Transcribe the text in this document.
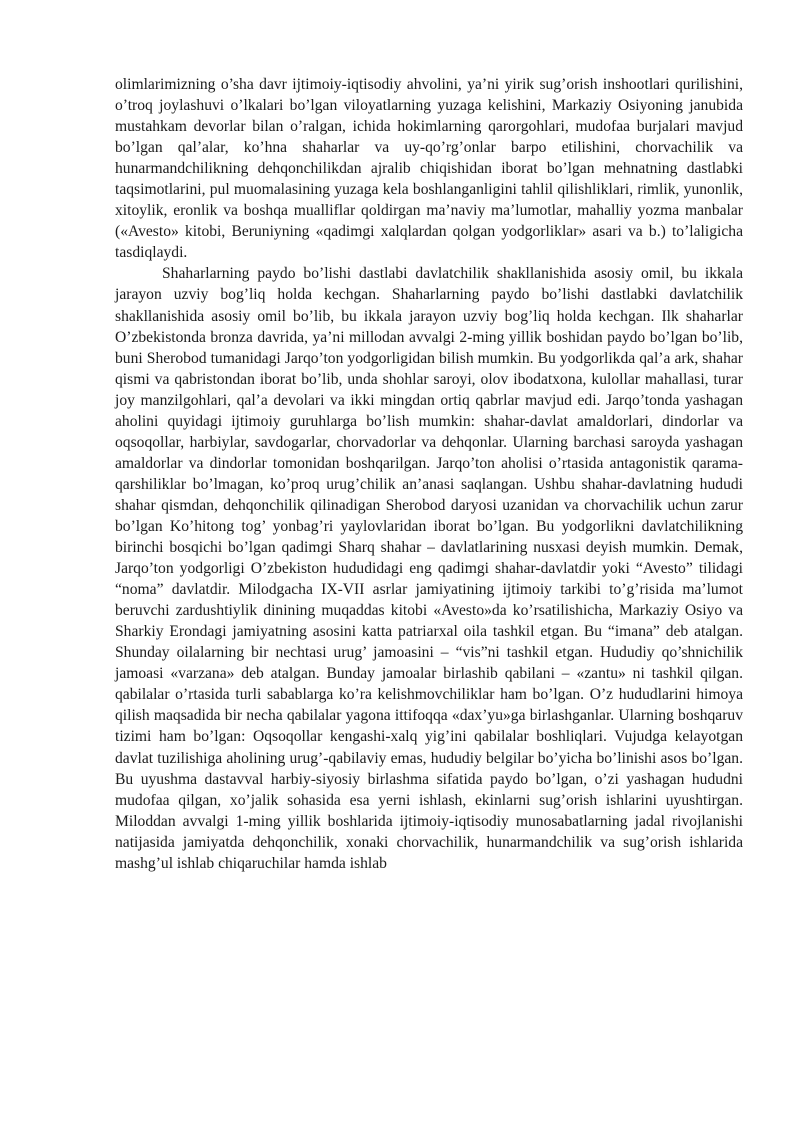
olimlarimizning o’sha davr ijtimoiy-iqtisodiy ahvolini, ya’ni yirik sug’orish inshootlari qurilishini, o’troq joylashuvi o’lkalari bo’lgan viloyatlarning yuzaga kelishini, Markaziy Osiyoning janubida mustahkam devorlar bilan o’ralgan, ichida hokimlarning qarorgohlari, mudofaa burjalari mavjud bo’lgan qal’alar, ko’hna shaharlar va uy-qo’rg’onlar barpo etilishini, chorvachilik va hunarmandchilikning dehqonchilikdan ajralib chiqishidan iborat bo’lgan mehnatning dastlabki taqsimotlarini, pul muomalasining yuzaga kela boshlanganligini tahlil qilishliklari, rimlik, yunonlik, xitoylik, eronlik va boshqa mualliflar qoldirgan ma’naviy ma’lumotlar, mahalliy yozma manbalar («Avesto» kitobi, Beruniyning «qadimgi xalqlardan qolgan yodgorliklar» asari va b.) to’laligicha tasdiqlaydi.

Shaharlarning paydo bo’lishi dastlabi davlatchilik shakllanishida asosiy omil, bu ikkala jarayon uzviy bog’liq holda kechgan. Shaharlarning paydo bo’lishi dastlabki davlatchilik shakllanishida asosiy omil bo’lib, bu ikkala jarayon uzviy bog’liq holda kechgan. Ilk shaharlar O’zbekistonda bronza davrida, ya’ni millodan avvalgi 2-ming yillik boshidan paydo bo’lgan bo’lib, buni Sherobod tumanidagi Jarqo’ton yodgorligidan bilish mumkin. Bu yodgorlikda qal’a ark, shahar qismi va qabristondan iborat bo’lib, unda shohlar saroyi, olov ibodatxona, kulollar mahallasi, turar joy manzilgohlari, qal’a devolari va ikki mingdan ortiq qabrlar mavjud edi. Jarqo’tonda yashagan aholini quyidagi ijtimoiy guruhlarga bo’lish mumkin: shahar-davlat amaldorlari, dindorlar va oqsoqollar, harbiylar, savdogarlar, chorvadorlar va dehqonlar. Ularning barchasi saroyda yashagan amaldorlar va dindorlar tomonidan boshqarilgan. Jarqo’ton aholisi o’rtasida antagonistik qarama-qarshiliklar bo’lmagan, ko’proq urug’chilik an’anasi saqlangan. Ushbu shahar-davlatning hududi shahar qismdan, dehqonchilik qilinadigan Sherobod daryosi uzanidan va chorvachilik uchun zarur bo’lgan Ko’hitong tog’ yonbag’ri yaylovlaridan iborat bo’lgan. Bu yodgorlikni davlatchilikning birinchi bosqichi bo’lgan qadimgi Sharq shahar – davlatlarining nusxasi deyish mumkin. Demak, Jarqo’ton yodgorligi O’zbekiston hududidagi eng qadimgi shahar-davlatdir yoki “Avesto” tilidagi “noma” davlatdir. Milodgacha IX-VII asrlar jamiyatining ijtimoiy tarkibi to’g’risida ma’lumot beruvchi zardushtiylik dinining muqaddas kitobi «Avesto»da ko’rsatilishicha, Markaziy Osiyo va Sharkiy Erondagi jamiyatning asosini katta patriarxal oila tashkil etgan. Bu “imana” deb atalgan. Shunday oilalarning bir nechtasi urug’ jamoasini – “vis”ni tashkil etgan. Hududiy qo’shnichilik jamoasi «varzana» deb atalgan. Bunday jamoalar birlashib qabilani – «zantu» ni tashkil qilgan. qabilalar o’rtasida turli sabablarga ko’ra kelishmovchiliklar ham bo’lgan. O’z hududlarini himoya qilish maqsadida bir necha qabilalar yagona ittifoqqa «dax’yu»ga birlashganlar. Ularning boshqaruv tizimi ham bo’lgan: Oqsoqollar kengashi-xalq yig’ini qabilalar boshliqlari. Vujudga kelayotgan davlat tuzilishiga aholining urug’-qabilaviy emas, hududiy belgilar bo’yicha bo’linishi asos bo’lgan. Bu uyushma dastavval harbiy-siyosiy birlashma sifatida paydo bo’lgan, o’zi yashagan hududni mudofaa qilgan, xo’jalik sohasida esa yerni ishlash, ekinlarni sug’orish ishlarini uyushtirgan. Miloddan avvalgi 1-ming yillik boshlarida ijtimoiy-iqtisodiy munosabatlarning jadal rivojlanishi natijasida jamiyatda dehqonchilik, xonaki chorvachilik, hunarmandchilik va sug’orish ishlarida mashg’ul ishlab chiqaruchilar hamda ishlab
